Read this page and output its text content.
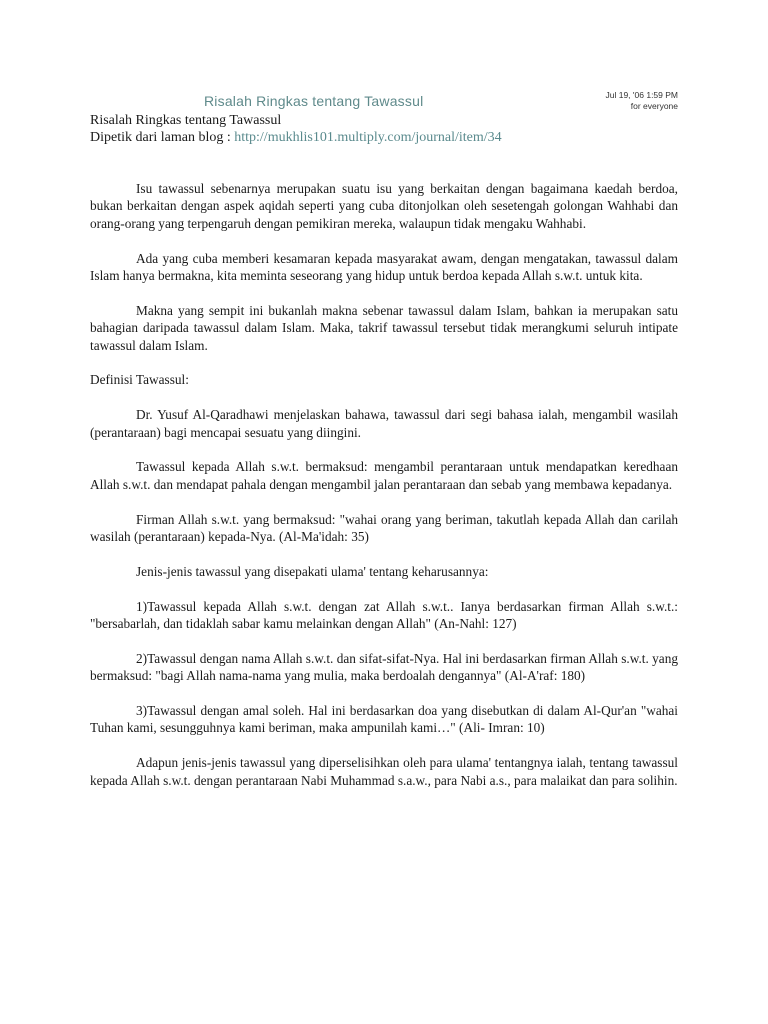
Risalah Ringkas tentang Tawassul	Jul 19, '06 1:59 PM
for everyone
Risalah Ringkas tentang Tawassul
Dipetik dari laman blog : http://mukhlis101.multiply.com/journal/item/34

Isu tawassul sebenarnya merupakan suatu isu yang berkaitan dengan bagaimana kaedah berdoa, bukan berkaitan dengan aspek aqidah seperti yang cuba ditonjolkan oleh sesetengah golongan Wahhabi dan orang-orang yang terpengaruh dengan pemikiran mereka, walaupun tidak mengaku Wahhabi.

Ada yang cuba memberi kesamaran kepada masyarakat awam, dengan mengatakan, tawassul dalam Islam hanya bermakna, kita meminta seseorang yang hidup untuk berdoa kepada Allah s.w.t. untuk kita.

Makna yang sempit ini bukanlah makna sebenar tawassul dalam Islam, bahkan ia merupakan satu bahagian daripada tawassul dalam Islam. Maka, takrif tawassul tersebut tidak merangkumi seluruh intipate tawassul dalam Islam.

Definisi Tawassul:

Dr. Yusuf Al-Qaradhawi menjelaskan bahawa, tawassul dari segi bahasa ialah, mengambil wasilah (perantaraan) bagi mencapai sesuatu yang diingini.

Tawassul kepada Allah s.w.t. bermaksud: mengambil perantaraan untuk mendapatkan keredhaan Allah s.w.t. dan mendapat pahala dengan mengambil jalan perantaraan dan sebab yang membawa kepadanya.

Firman Allah s.w.t. yang bermaksud: "wahai orang yang beriman, takutlah kepada Allah dan carilah wasilah (perantaraan) kepada-Nya. (Al-Ma'idah: 35)

Jenis-jenis tawassul yang disepakati ulama' tentang keharusannya:

1)Tawassul kepada Allah s.w.t. dengan zat Allah s.w.t.. Ianya berdasarkan firman Allah s.w.t.: "bersabarlah, dan tidaklah sabar kamu melainkan dengan Allah" (An-Nahl: 127)

2)Tawassul dengan nama Allah s.w.t. dan sifat-sifat-Nya. Hal ini berdasarkan firman Allah s.w.t. yang bermaksud: "bagi Allah nama-nama yang mulia, maka berdoalah dengannya" (Al-A'raf: 180)

3)Tawassul dengan amal soleh. Hal ini berdasarkan doa yang disebutkan di dalam Al-Qur'an "wahai Tuhan kami, sesungguhnya kami beriman, maka ampunilah kami…" (Ali- Imran: 10)

Adapun jenis-jenis tawassul yang diperselisihkan oleh para ulama' tentangnya ialah, tentang tawassul kepada Allah s.w.t. dengan perantaraan Nabi Muhammad s.a.w., para Nabi a.s., para malaikat dan para solihin.
